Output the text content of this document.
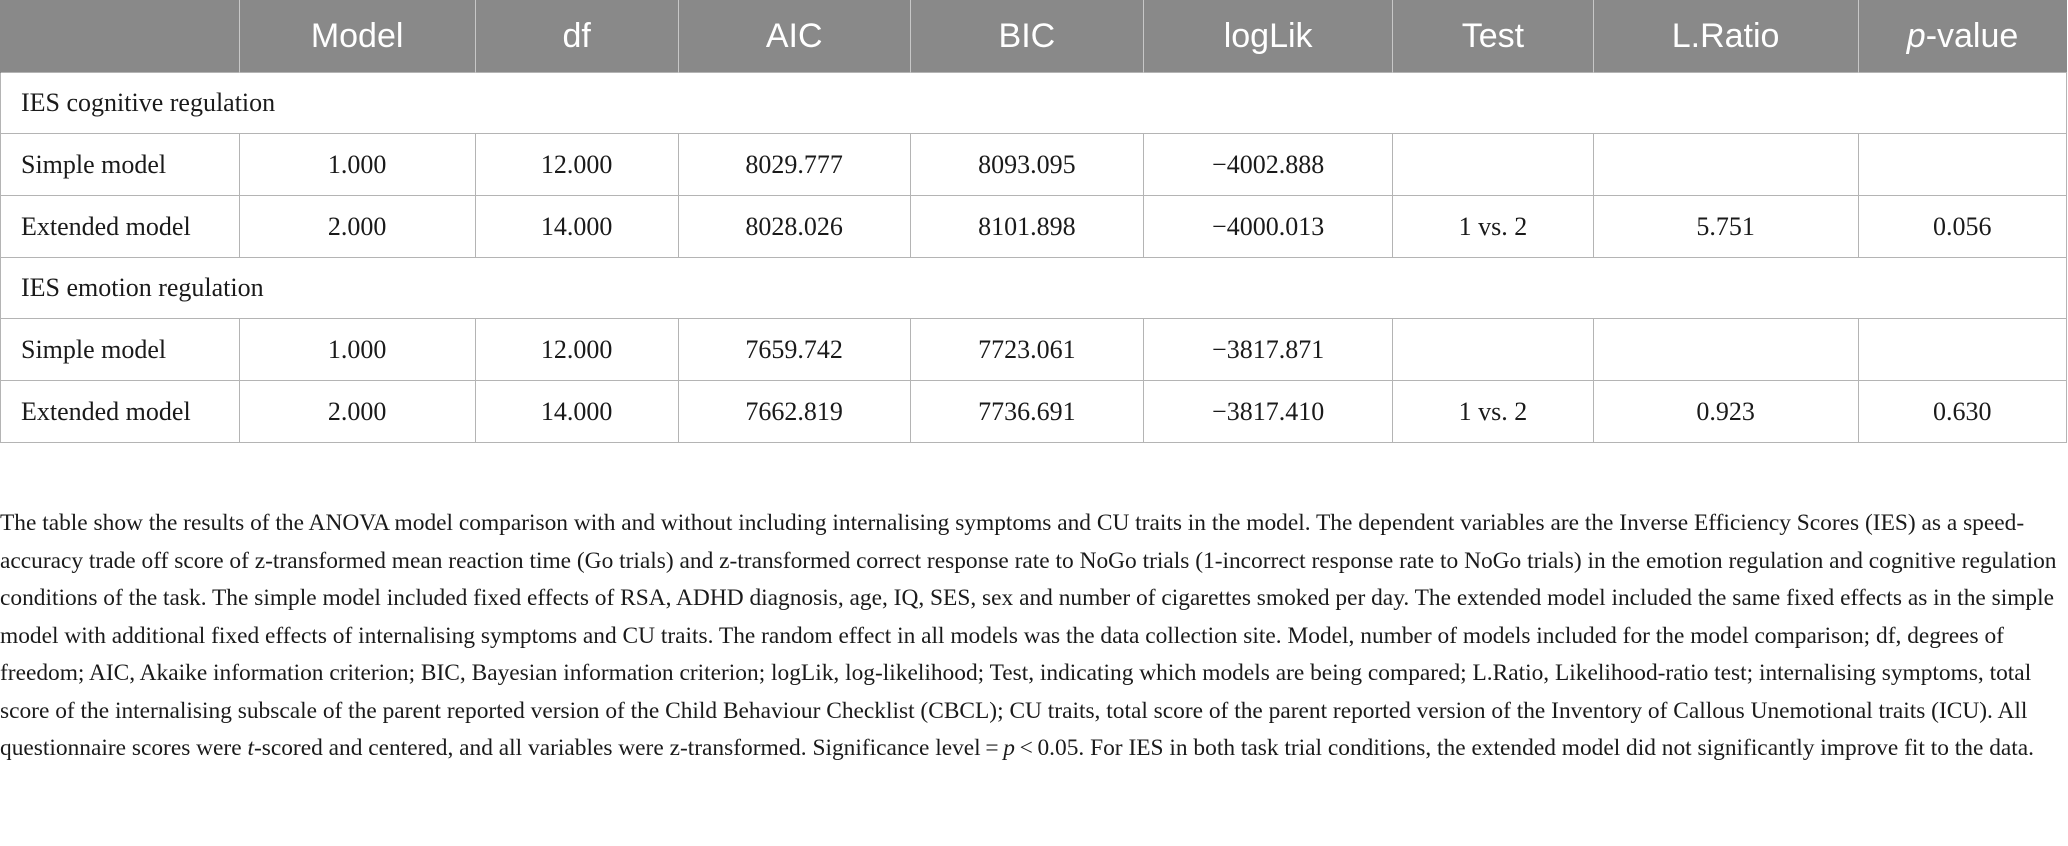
	Model	df	AIC	BIC	logLik	Test	L.Ratio	p-value
IES cognitive regulation								
Simple model	1.000	12.000	8029.777	8093.095	−4002.888			
Extended model	2.000	14.000	8028.026	8101.898	−4000.013	1 vs. 2	5.751	0.056
IES emotion regulation								
Simple model	1.000	12.000	7659.742	7723.061	−3817.871			
Extended model	2.000	14.000	7662.819	7736.691	−3817.410	1 vs. 2	0.923	0.630

The table show the results of the ANOVA model comparison with and without including internalising symptoms and CU traits in the model. The dependent variables are the Inverse Efficiency Scores (IES) as a speed-accuracy trade off score of z-transformed mean reaction time (Go trials) and z-transformed correct response rate to NoGo trials (1-incorrect response rate to NoGo trials) in the emotion regulation and cognitive regulation conditions of the task. The simple model included fixed effects of RSA, ADHD diagnosis, age, IQ, SES, sex and number of cigarettes smoked per day. The extended model included the same fixed effects as in the simple model with additional fixed effects of internalising symptoms and CU traits. The random effect in all models was the data collection site. Model, number of models included for the model comparison; df, degrees of freedom; AIC, Akaike information criterion; BIC, Bayesian information criterion; logLik, log-likelihood; Test, indicating which models are being compared; L.Ratio, Likelihood-ratio test; internalising symptoms, total score of the internalising subscale of the parent reported version of the Child Behaviour Checklist (CBCL); CU traits, total score of the parent reported version of the Inventory of Callous Unemotional traits (ICU). All questionnaire scores were t-scored and centered, and all variables were z-transformed. Significance level = p < 0.05. For IES in both task trial conditions, the extended model did not significantly improve fit to the data.
